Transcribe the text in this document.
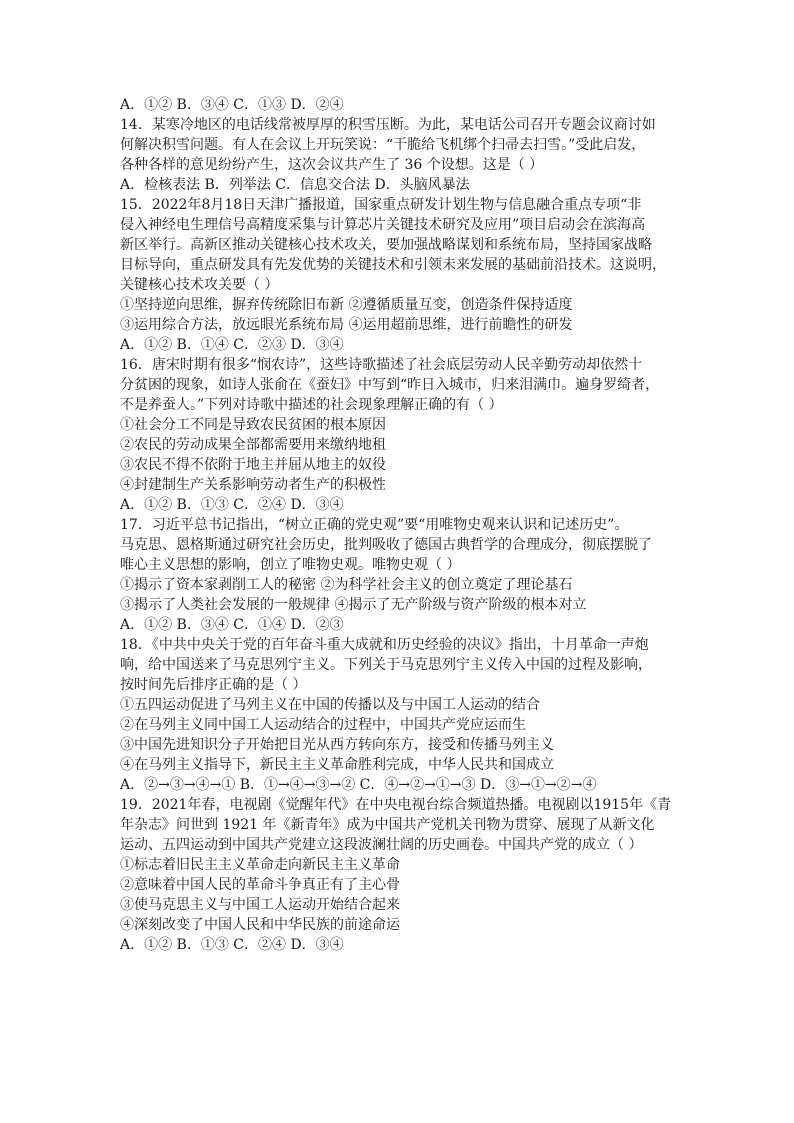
A．①② B．③④ C．①③ D．②④
14．某寒冷地区的电话线常被厚厚的积雪压断。为此，某电话公司召开专题会议商讨如
何解决积雪问题。有人在会议上开玩笑说：“干脆给飞机绑个扫帚去扫雪。”受此启发，
各种各样的意见纷纷产生，这次会议共产生了 36 个设想。这是（ ）
A．检核表法 B．列举法 C．信息交合法 D．头脑风暴法
15．2022年8月18日天津广播报道，国家重点研发计划生物与信息融合重点专项“非
侵入神经电生理信号高精度采集与计算芯片关键技术研究及应用”项目启动会在滨海高
新区举行。高新区推动关键核心技术攻关，要加强战略谋划和系统布局，坚持国家战略
目标导向，重点研发具有先发优势的关键技术和引领未来发展的基础前沿技术。这说明，
关键核心技术攻关要（ ）
①坚持逆向思维，摒弃传统除旧布新 ②遵循质量互变，创造条件保持适度
③运用综合方法，放远眼光系统布局 ④运用超前思维，进行前瞻性的研发
A．①② B．①④ C．②③ D．③④
16．唐宋时期有很多“悯农诗”，这些诗歌描述了社会底层劳动人民辛勤劳动却依然十
分贫困的现象，如诗人张俞在《蚕妇》中写到“昨日入城市，归来泪满巾。遍身罗绮者，
不是养蚕人。”下列对诗歌中描述的社会现象理解正确的有（ ）
①社会分工不同是导致农民贫困的根本原因
②农民的劳动成果全部都需要用来缴纳地租
③农民不得不依附于地主并屈从地主的奴役
④封建制生产关系影响劳动者生产的积极性
A．①② B．①③ C．②④ D．③④
17．习近平总书记指出，“树立正确的党史观”要“用唯物史观来认识和记述历史”。
马克思、恩格斯通过研究社会历史，批判吸收了德国古典哲学的合理成分，彻底摆脱了
唯心主义思想的影响，创立了唯物史观。唯物史观（ ）
①揭示了资本家剥削工人的秘密 ②为科学社会主义的创立奠定了理论基石
③揭示了人类社会发展的一般规律 ④揭示了无产阶级与资产阶级的根本对立
A．①② B．③④ C．①④ D．②③
18．《中共中央关于党的百年奋斗重大成就和历史经验的决议》指出，十月革命一声炮
响，给中国送来了马克思列宁主义。下列关于马克思列宁主义传入中国的过程及影响，
按时间先后排序正确的是（ ）
①五四运动促进了马列主义在中国的传播以及与中国工人运动的结合
②在马列主义同中国工人运动结合的过程中，中国共产党应运而生
③中国先进知识分子开始把目光从西方转向东方，接受和传播马列主义
④在马列主义指导下，新民主主义革命胜利完成，中华人民共和国成立
A．②→③→④→① B．①→④→③→② C．④→②→①→③ D．③→①→②→④
19．2021年春，电视剧《觉醒年代》在中央电视台综合频道热播。电视剧以1915年《青
年杂志》问世到 1921 年《新青年》成为中国共产党机关刊物为贯穿、展现了从新文化
运动、五四运动到中国共产党建立这段波澜壮阔的历史画卷。中国共产党的成立（ ）
①标志着旧民主主义革命走向新民主主义革命
②意味着中国人民的革命斗争真正有了主心骨
③使马克思主义与中国工人运动开始结合起来
④深刻改变了中国人民和中华民族的前途命运
A．①② B．①③ C．②④ D．③④
